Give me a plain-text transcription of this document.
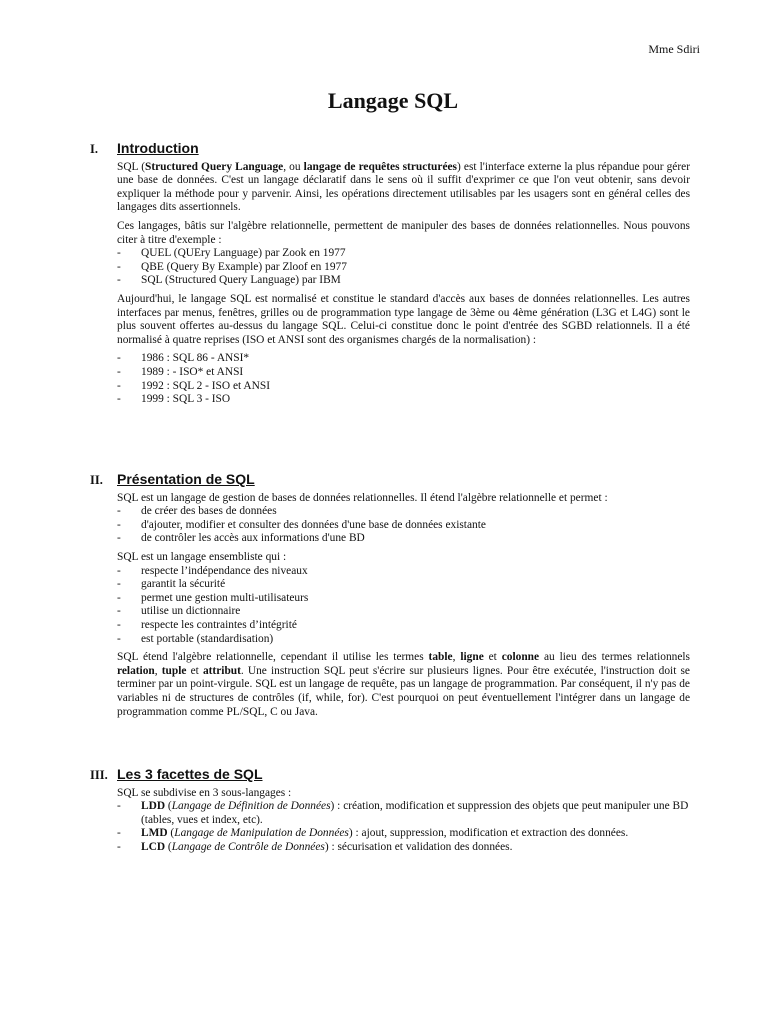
Mme Sdiri
Langage SQL
I.	Introduction

SQL (Structured Query Language, ou langage de requêtes structurées) est l'interface externe la plus répandue pour gérer une base de données. C'est un langage déclaratif dans le sens où il suffit d'exprimer ce que l'on veut obtenir, sans devoir expliquer la méthode pour y parvenir. Ainsi, les opérations directement utilisables par les usagers sont en général celles des langages dits assertionnels.

Ces langages, bâtis sur l'algèbre relationnelle, permettent de manipuler des bases de données relationnelles. Nous pouvons citer à titre d'exemple :

-	QUEL (QUEry Language) par Zook en 1977
-	QBE (Query By Example) par Zloof en 1977
-	SQL (Structured Query Language) par IBM

Aujourd'hui, le langage SQL est normalisé et constitue le standard d'accès aux bases de données relationnelles. Les autres interfaces par menus, fenêtres, grilles ou de programmation type langage de 3ème ou 4ème génération (L3G et L4G) sont le plus souvent offertes au-dessus du langage SQL. Celui-ci constitue donc le point d'entrée des SGBD relationnels. Il a été normalisé à quatre reprises (ISO et ANSI sont des organismes chargés de la normalisation) :

-	1986 : SQL 86 - ANSI*
-	1989 : - ISO* et ANSI
-	1992 : SQL 2 - ISO et ANSI
-	1999 : SQL 3 - ISO
II.	Présentation de SQL

SQL est un langage de gestion de bases de données relationnelles. Il étend l'algèbre relationnelle et permet :

-	de créer des bases de données
-	d'ajouter, modifier et consulter des données d'une base de données existante
-	de contrôler les accès aux informations d'une BD

SQL est un langage ensembliste qui :

-	respecte l’indépendance des niveaux
-	garantit la sécurité
-	permet une gestion multi-utilisateurs
-	utilise un dictionnaire
-	respecte les contraintes d’intégrité
-	est portable (standardisation)

SQL étend l'algèbre relationnelle, cependant il utilise les termes table, ligne et colonne au lieu des termes relationnels relation, tuple et attribut. Une instruction SQL peut s'écrire sur plusieurs lignes. Pour être exécutée, l'instruction doit se terminer par un point-virgule. SQL est un langage de requête, pas un langage de programmation. Par conséquent, il n'y pas de variables ni de structures de contrôles (if, while, for). C'est pourquoi on peut éventuellement l'intégrer dans un langage de programmation comme PL/SQL, C ou Java.

III. Les 3 facettes de SQL

SQL se subdivise en 3 sous-langages :

-	LDD (Langage de Définition de Données) : création, modification et suppression des objets que peut manipuler une BD (tables, vues et index, etc).
-	LMD (Langage de Manipulation de Données) : ajout, suppression, modification et extraction des données.
-	LCD (Langage de Contrôle de Données) : sécurisation et validation des données.
